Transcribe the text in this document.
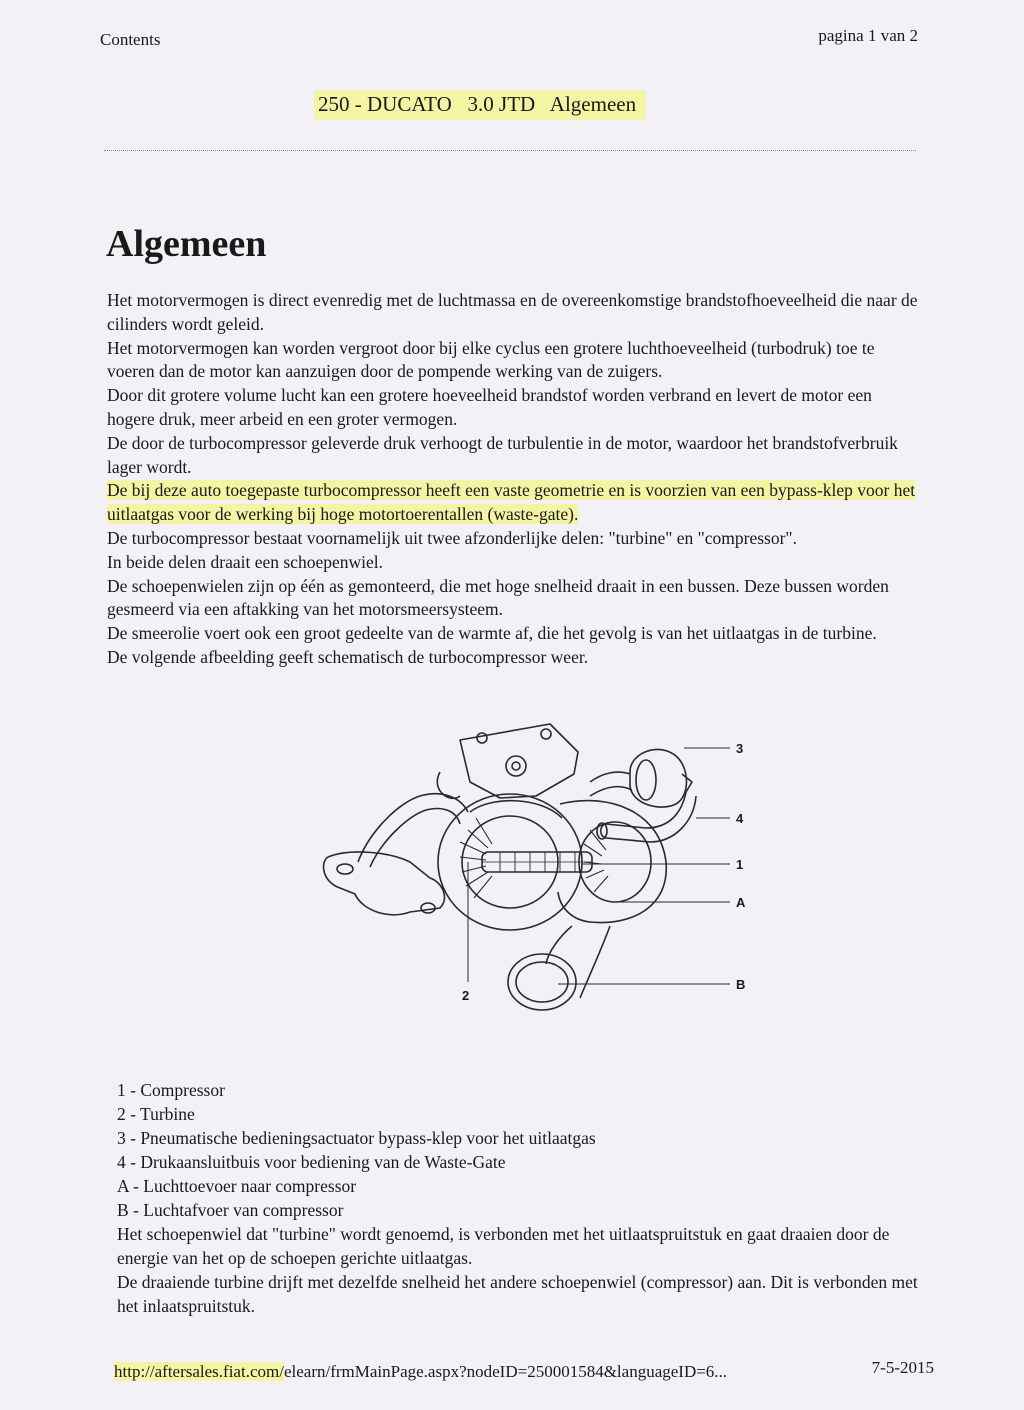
Contents	pagina 1 van 2
250 - DUCATO   3.0 JTD   Algemeen
Algemeen

Het motorvermogen is direct evenredig met de luchtmassa en de overeenkomstige brandstofhoeveelheid die naar de cilinders wordt geleid.

Het motorvermogen kan worden vergroot door bij elke cyclus een grotere luchthoeveelheid (turbodruk) toe te voeren dan de motor kan aanzuigen door de pompende werking van de zuigers.

Door dit grotere volume lucht kan een grotere hoeveelheid brandstof worden verbrand en levert de motor een hogere druk, meer arbeid en een groter vermogen.

De door de turbocompressor geleverde druk verhoogt de turbulentie in de motor, waardoor het brandstofverbruik lager wordt.

De bij deze auto toegepaste turbocompressor heeft een vaste geometrie en is voorzien van een bypass-klep voor het uitlaatgas voor de werking bij hoge motortoerentallen (waste-gate).

De turbocompressor bestaat voornamelijk uit twee afzonderlijke delen: "turbine" en "compressor".

In beide delen draait een schoepenwiel.

De schoepenwielen zijn op één as gemonteerd, die met hoge snelheid draait in een bussen. Deze bussen worden gesmeerd via een aftakking van het motorsmeersysteem.

De smeerolie voert ook een groot gedeelte van de warmte af, die het gevolg is van het uitlaatgas in de turbine.

De volgende afbeelding geeft schematisch de turbocompressor weer.

3
4
1
A
B
2

1 - Compressor

2 - Turbine

3 - Pneumatische bedieningsactuator bypass-klep voor het uitlaatgas

4 - Drukaansluitbuis voor bediening van de Waste-Gate

A - Luchttoevoer naar compressor

B - Luchtafvoer van compressor

Het schoepenwiel dat "turbine" wordt genoemd, is verbonden met het uitlaatspruitstuk en gaat draaien door de energie van het op de schoepen gerichte uitlaatgas.

De draaiende turbine drijft met dezelfde snelheid het andere schoepenwiel (compressor) aan. Dit is verbonden met het inlaatspruitstuk.

http://aftersales.fiat.com/elearn/frmMainPage.aspx?nodeID=250001584&languageID=6...	7-5-2015
